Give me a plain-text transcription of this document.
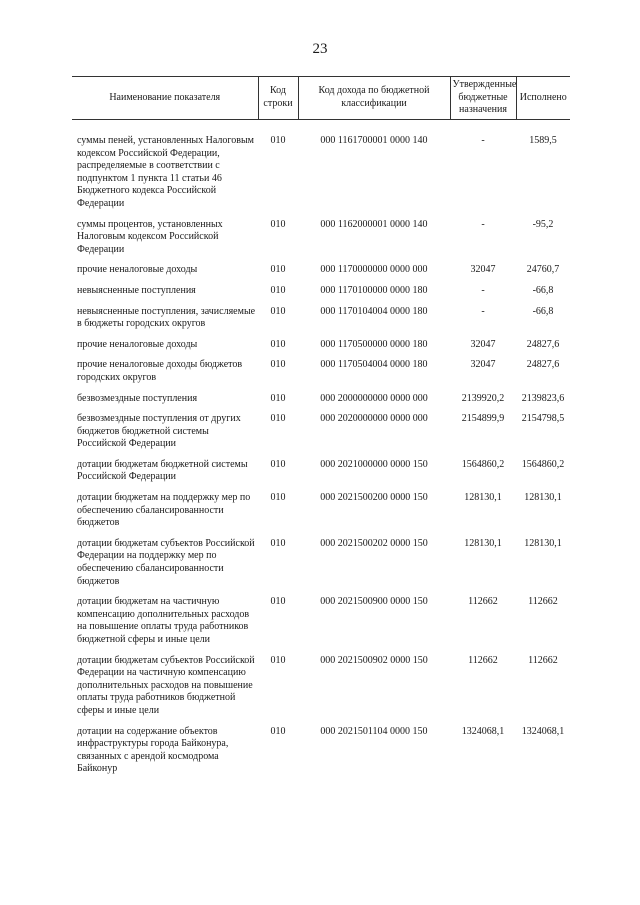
23
Наименование показателя	Код строки	Код дохода по бюджетной классификации	Утвержденные бюджетные назначения	Исполнено
суммы пеней, установленных Налоговым кодексом Российской Федерации, распределяемые в соответствии с подпунктом 1 пункта 11 статьи 46 Бюджетного кодекса Российской Федерации	010	000 1161700001 0000 140	-	1589,5
суммы процентов, установленных Налоговым кодексом Российской Федерации	010	000 1162000001 0000 140	-	-95,2
прочие неналоговые доходы	010	000 1170000000 0000 000	32047	24760,7
невыясненные поступления	010	000 1170100000 0000 180	-	-66,8
невыясненные поступления, зачисляемые в бюджеты городских округов	010	000 1170104004 0000 180	-	-66,8
прочие неналоговые доходы	010	000 1170500000 0000 180	32047	24827,6
прочие неналоговые доходы бюджетов городских округов	010	000 1170504004 0000 180	32047	24827,6
безвозмездные поступления	010	000 2000000000 0000 000	2139920,2	2139823,6
безвозмездные поступления от других бюджетов бюджетной системы Российской Федерации	010	000 2020000000 0000 000	2154899,9	2154798,5
дотации бюджетам бюджетной системы Российской Федерации	010	000 2021000000 0000 150	1564860,2	1564860,2
дотации бюджетам на поддержку мер по обеспечению сбалансированности бюджетов	010	000 2021500200 0000 150	128130,1	128130,1
дотации бюджетам субъектов Российской Федерации на поддержку мер по обеспечению сбалансированности бюджетов	010	000 2021500202 0000 150	128130,1	128130,1
дотации бюджетам на частичную компенсацию дополнительных расходов на повышение оплаты труда работников бюджетной сферы и иные цели	010	000 2021500900 0000 150	112662	112662
дотации бюджетам субъектов Российской Федерации на частичную компенсацию дополнительных расходов на повышение оплаты труда работников бюджетной сферы и иные цели	010	000 2021500902 0000 150	112662	112662
дотации на содержание объектов инфраструктуры города Байконура, связанных с арендой космодрома Байконур	010	000 2021501104 0000 150	1324068,1	1324068,1
